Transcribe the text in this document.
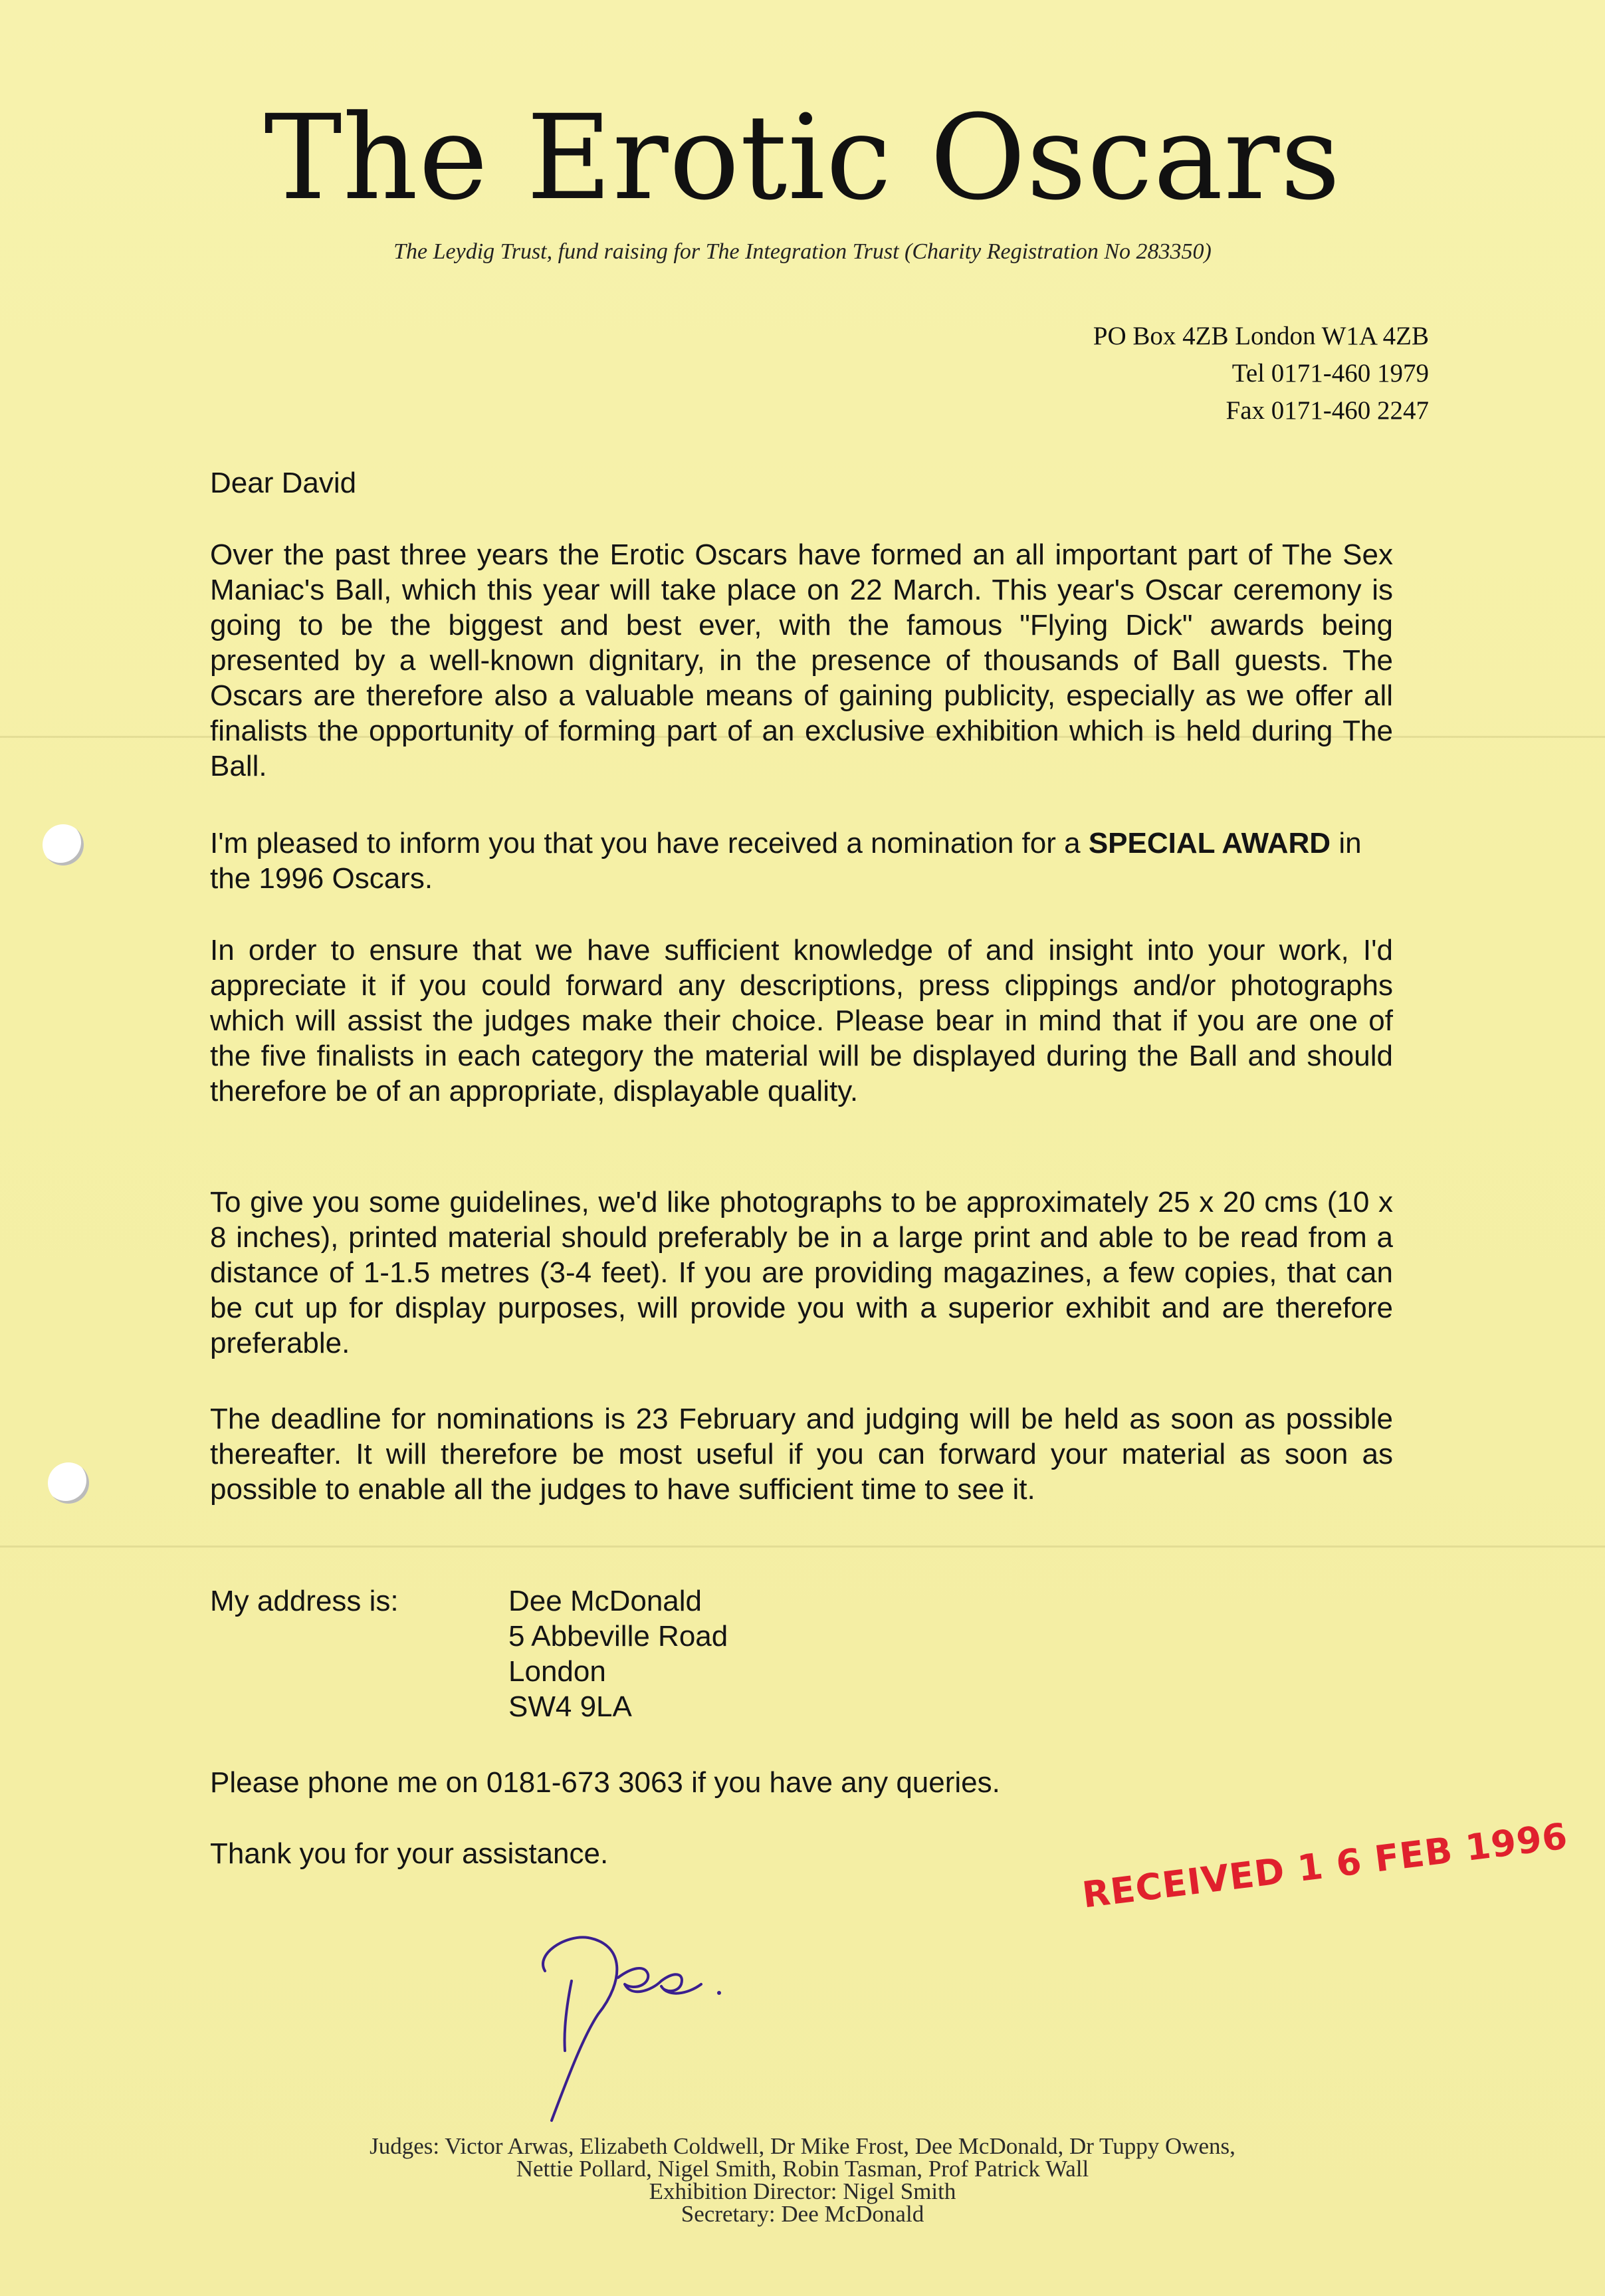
The Erotic Oscars
The Leydig Trust, fund raising for The Integration Trust (Charity Registration No 283350)
PO Box 4ZB London W1A 4ZB
Tel 0171-460 1979
Fax 0171-460 2247
Dear David
Over the past three years the Erotic Oscars have formed an all important part of The Sex Maniac's Ball, which this year will take place on 22 March. This year's Oscar ceremony is going to be the biggest and best ever, with the famous "Flying Dick" awards being presented by a well-known dignitary, in the presence of thousands of Ball guests. The Oscars are therefore also a valuable means of gaining publicity, especially as we offer all finalists the opportunity of forming part of an exclusive exhibition which is held during The Ball.
I'm pleased to inform you that you have received a nomination for a SPECIAL AWARD in the 1996 Oscars.
In order to ensure that we have sufficient knowledge of and insight into your work, I'd appreciate it if you could forward any descriptions, press clippings and/or photographs which will assist the judges make their choice. Please bear in mind that if you are one of the five finalists in each category the material will be displayed during the Ball and should therefore be of an appropriate, displayable quality.
To give you some guidelines, we'd like photographs to be approximately 25 x 20 cms (10 x 8 inches), printed material should preferably be in a large print and able to be read from a distance of 1-1.5 metres (3-4 feet). If you are providing magazines, a few copies, that can be cut up for display purposes, will provide you with a superior exhibit and are therefore preferable.
The deadline for nominations is 23 February and judging will be held as soon as possible thereafter. It will therefore be most useful if you can forward your material as soon as possible to enable all the judges to have sufficient time to see it.
My address is:	Dee McDonald
5 Abbeville Road
London
SW4 9LA
Please phone me on 0181-673 3063 if you have any queries.
Thank you for your assistance.	RECEIVED 1 6 FEB 1996
Judges: Victor Arwas, Elizabeth Coldwell, Dr Mike Frost, Dee McDonald, Dr Tuppy Owens,
Nettie Pollard, Nigel Smith, Robin Tasman, Prof Patrick Wall
Exhibition Director: Nigel Smith
Secretary: Dee McDonald
